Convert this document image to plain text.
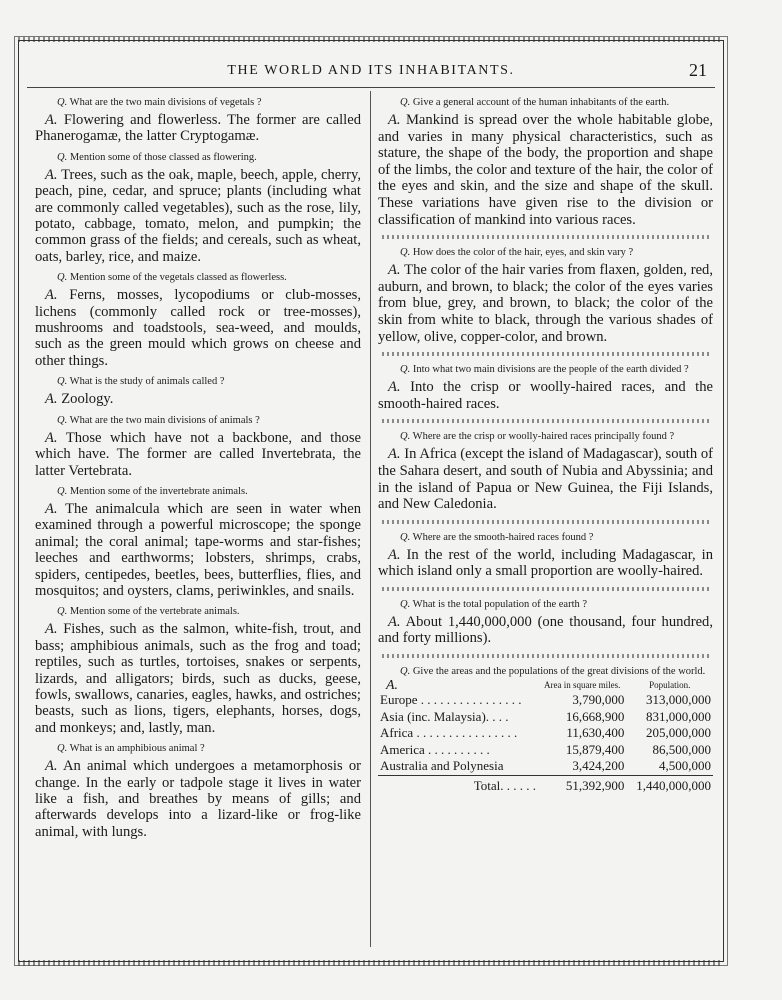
THE WORLD AND ITS INHABITANTS.	21

Q. What are the two main divisions of vegetals ?

A. Flowering and flowerless. The former are called Phanerogamæ, the latter Cryptogamæ.

Q. Mention some of those classed as flowering.

A. Trees, such as the oak, maple, beech, apple, cherry, peach, pine, cedar, and spruce; plants (including what are commonly called vegetables), such as the rose, lily, potato, cabbage, tomato, melon, and pumpkin; the common grass of the fields; and cereals, such as wheat, oats, barley, rice, and maize.

Q. Mention some of the vegetals classed as flowerless.

A. Ferns, mosses, lycopodiums or club-mosses, lichens (commonly called rock or tree-mosses), mushrooms and toadstools, sea-weed, and moulds, such as the green mould which grows on cheese and other things.

Q. What is the study of animals called ?

A. Zoology.

Q. What are the two main divisions of animals ?

A. Those which have not a backbone, and those which have. The former are called Invertebrata, the latter Vertebrata.

Q. Mention some of the invertebrate animals.

A. The animalcula which are seen in water when examined through a powerful microscope; the sponge animal; the coral animal; tape-worms and star-fishes; leeches and earthworms; lobsters, shrimps, crabs, spiders, centipedes, beetles, bees, butterflies, flies, and mosquitos; and oysters, clams, periwinkles, and snails.

Q. Mention some of the vertebrate animals.

A. Fishes, such as the salmon, white-fish, trout, and bass; amphibious animals, such as the frog and toad; reptiles, such as turtles, tortoises, snakes or serpents, lizards, and alligators; birds, such as ducks, geese, fowls, swallows, canaries, eagles, hawks, and ostriches; beasts, such as lions, tigers, elephants, horses, dogs, and monkeys; and, lastly, man.

Q. What is an amphibious animal ?

A. An animal which undergoes a metamorphosis or change. In the early or tadpole stage it lives in water like a fish, and breathes by means of gills; and afterwards develops into a lizard-like or frog-like animal, with lungs.

Q. Give a general account of the human inhabitants of the earth.

A. Mankind is spread over the whole habitable globe, and varies in many physical characteristics, such as stature, the shape of the body, the proportion and shape of the limbs, the color and texture of the hair, the color of the eyes and skin, and the size and shape of the skull. These variations have given rise to the division or classification of mankind into various races.

Q. How does the color of the hair, eyes, and skin vary ?

A. The color of the hair varies from flaxen, golden, red, auburn, and brown, to black; the color of the eyes varies from blue, grey, and brown, to black; the color of the skin from white to black, through the various shades of yellow, olive, copper-color, and brown.

Q. Into what two main divisions are the people of the earth divided ?

A. Into the crisp or woolly-haired races, and the smooth-haired races.

Q. Where are the crisp or woolly-haired races principally found ?

A. In Africa (except the island of Madagascar), south of the Sahara desert, and south of Nubia and Abyssinia; and in the island of Papua or New Guinea, the Fiji Islands, and New Caledonia.

Q. Where are the smooth-haired races found ?

A. In the rest of the world, including Madagascar, in which island only a small proportion are woolly-haired.

Q. What is the total population of the earth ?

A. About 1,440,000,000 (one thousand, four hundred, and forty millions).

Q. Give the areas and the populations of the great divisions of the world.

A.	Area in square miles.	Population.
Europe . . . . . . . . . . . . . . . .	3,790,000	313,000,000
Asia (inc. Malaysia). . . .	16,668,900	831,000,000
Africa . . . . . . . . . . . . . . . .	11,630,400	205,000,000
America . . . . . . . . . .	15,879,400	86,500,000
Australia and Polynesia	3,424,200	4,500,000
Total. . . . . .	51,392,900	1,440,000,000
